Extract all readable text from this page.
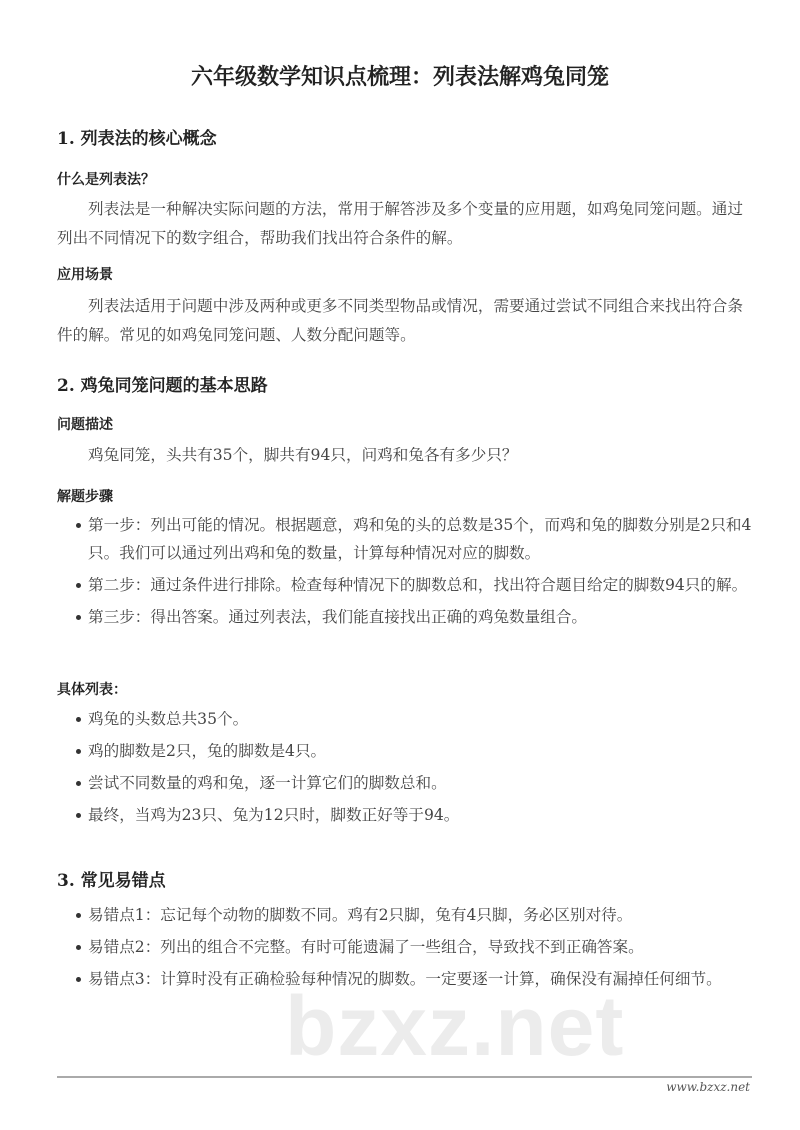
六年级数学知识点梳理：列表法解鸡兔同笼
1. 列表法的核心概念
什么是列表法？
列表法是一种解决实际问题的方法，常用于解答涉及多个变量的应用题，如鸡兔同笼问题。通过列出不同情况下的数字组合，帮助我们找出符合条件的解。
应用场景
列表法适用于问题中涉及两种或更多不同类型物品或情况，需要通过尝试不同组合来找出符合条件的解。常见的如鸡兔同笼问题、人数分配问题等。
2. 鸡兔同笼问题的基本思路
问题描述
鸡兔同笼，头共有35个，脚共有94只，问鸡和兔各有多少只？
解题步骤
第一步：列出可能的情况。根据题意，鸡和兔的头的总数是35个，而鸡和兔的脚数分别是2只和4只。我们可以通过列出鸡和兔的数量，计算每种情况对应的脚数。
第二步：通过条件进行排除。检查每种情况下的脚数总和，找出符合题目给定的脚数94只的解。
第三步：得出答案。通过列表法，我们能直接找出正确的鸡兔数量组合。
具体列表：
鸡兔的头数总共35个。
鸡的脚数是2只，兔的脚数是4只。
尝试不同数量的鸡和兔，逐一计算它们的脚数总和。
最终，当鸡为23只、兔为12只时，脚数正好等于94。
3. 常见易错点
易错点1：忘记每个动物的脚数不同。鸡有2只脚，兔有4只脚，务必区别对待。
易错点2：列出的组合不完整。有时可能遗漏了一些组合，导致找不到正确答案。
易错点3：计算时没有正确检验每种情况的脚数。一定要逐一计算，确保没有漏掉任何细节。
bzxz.net
www.bzxz.net
